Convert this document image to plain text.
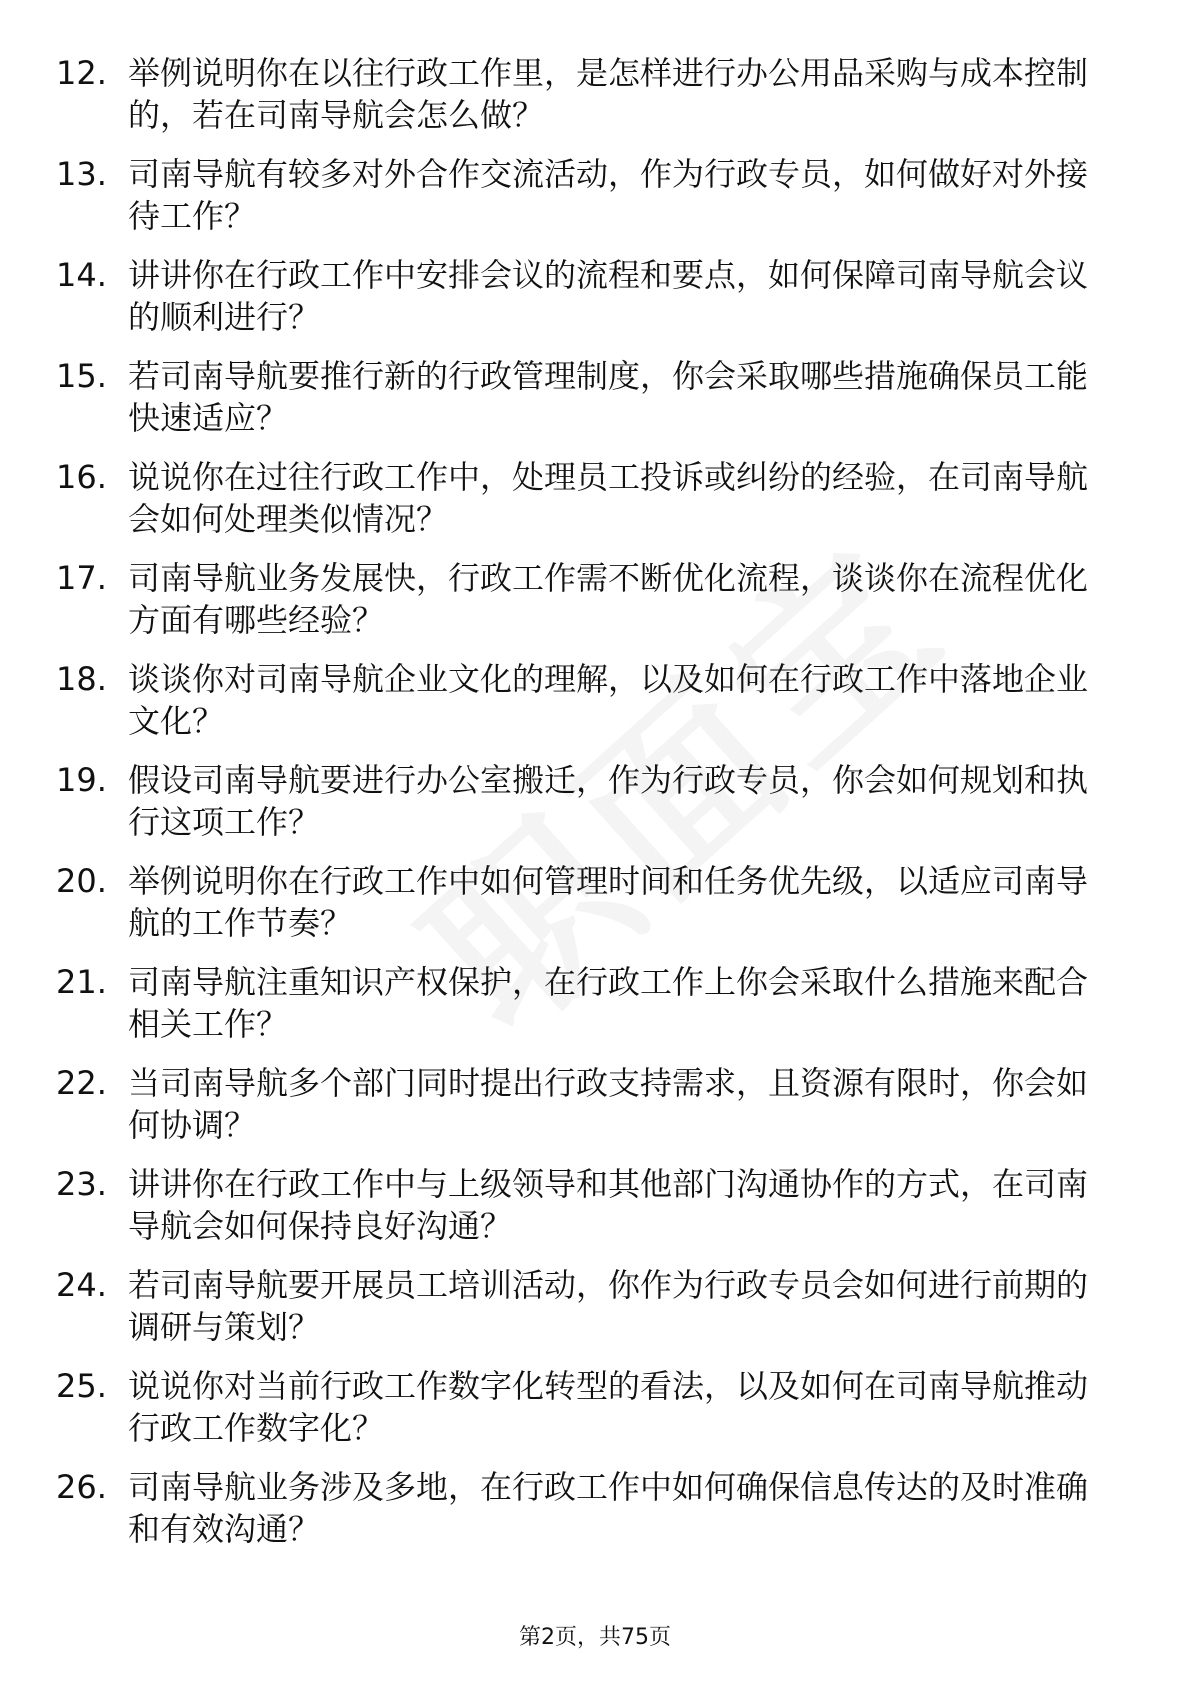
12. 举例说明你在以往行政工作里，是怎样进行办公用品采购与成本控制的，若在司南导航会怎么做？
13. 司南导航有较多对外合作交流活动，作为行政专员，如何做好对外接待工作？
14. 讲讲你在行政工作中安排会议的流程和要点，如何保障司南导航会议的顺利进行？
15. 若司南导航要推行新的行政管理制度，你会采取哪些措施确保员工能快速适应？
16. 说说你在过往行政工作中，处理员工投诉或纠纷的经验，在司南导航会如何处理类似情况？
17. 司南导航业务发展快，行政工作需不断优化流程，谈谈你在流程优化方面有哪些经验？
18. 谈谈你对司南导航企业文化的理解，以及如何在行政工作中落地企业文化？
19. 假设司南导航要进行办公室搬迁，作为行政专员，你会如何规划和执行这项工作？
20. 举例说明你在行政工作中如何管理时间和任务优先级，以适应司南导航的工作节奏？
21. 司南导航注重知识产权保护，在行政工作上你会采取什么措施来配合相关工作？
22. 当司南导航多个部门同时提出行政支持需求，且资源有限时，你会如何协调？
23. 讲讲你在行政工作中与上级领导和其他部门沟通协作的方式，在司南导航会如何保持良好沟通？
24. 若司南导航要开展员工培训活动，你作为行政专员会如何进行前期的调研与策划？
25. 说说你对当前行政工作数字化转型的看法，以及如何在司南导航推动行政工作数字化？
26. 司南导航业务涉及多地，在行政工作中如何确保信息传达的及时准确和有效沟通？
第2页，共75页
